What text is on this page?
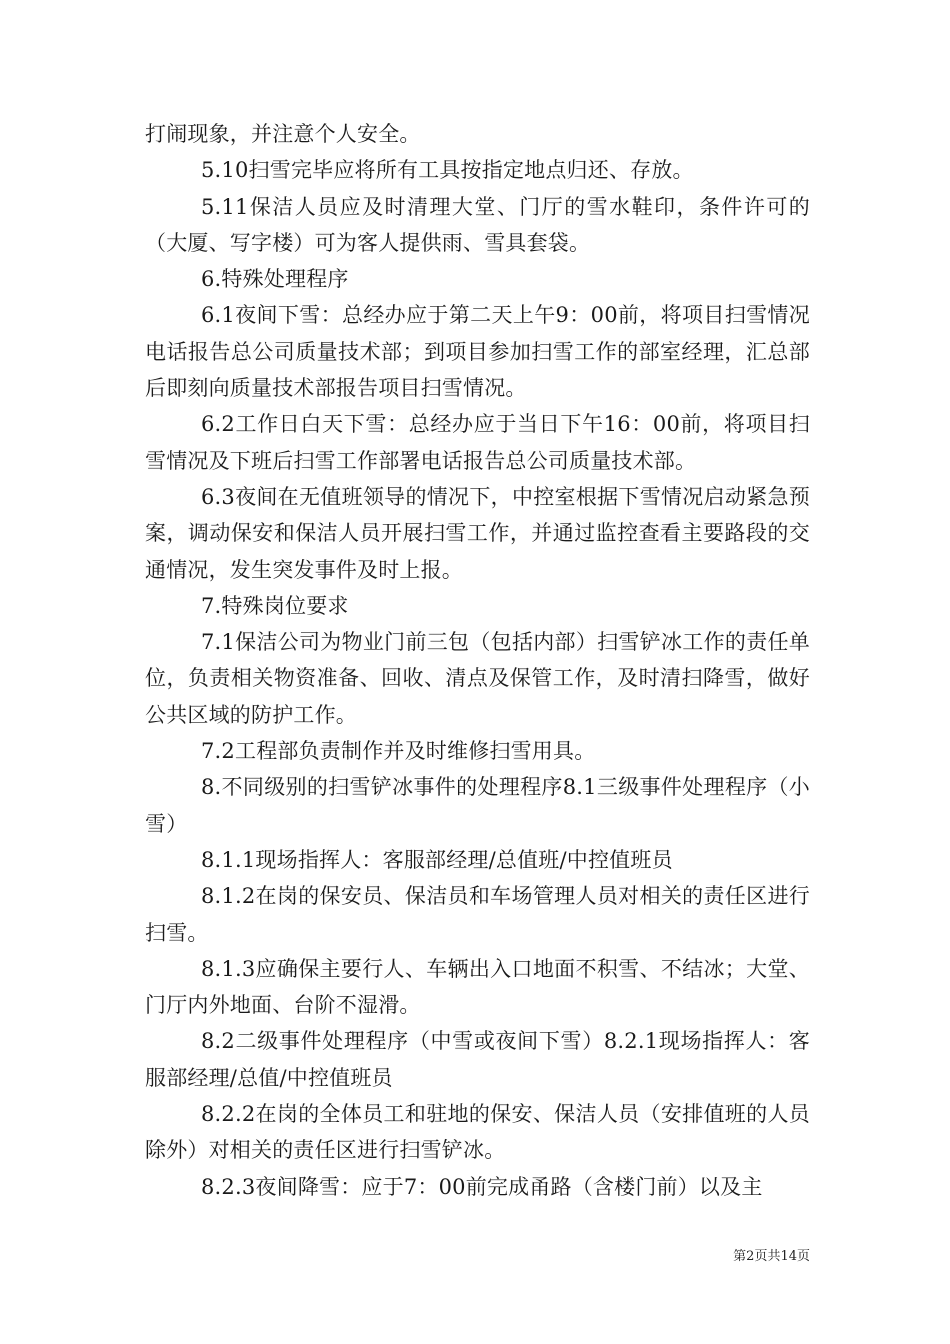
打闹现象，并注意个人安全。

5.10扫雪完毕应将所有工具按指定地点归还、存放。

5.11保洁人员应及时清理大堂、门厅的雪水鞋印，条件许可的（大厦、写字楼）可为客人提供雨、雪具套袋。

6.特殊处理程序

6.1夜间下雪：总经办应于第二天上午9：00前，将项目扫雪情况电话报告总公司质量技术部；到项目参加扫雪工作的部室经理，汇总部后即刻向质量技术部报告项目扫雪情况。

6.2工作日白天下雪：总经办应于当日下午16：00前，将项目扫雪情况及下班后扫雪工作部署电话报告总公司质量技术部。

6.3夜间在无值班领导的情况下，中控室根据下雪情况启动紧急预案，调动保安和保洁人员开展扫雪工作，并通过监控查看主要路段的交通情况，发生突发事件及时上报。

7.特殊岗位要求

7.1保洁公司为物业门前三包（包括内部）扫雪铲冰工作的责任单位，负责相关物资准备、回收、清点及保管工作，及时清扫降雪，做好公共区域的防护工作。

7.2工程部负责制作并及时维修扫雪用具。

8.不同级别的扫雪铲冰事件的处理程序8.1三级事件处理程序（小雪）

8.1.1现场指挥人：客服部经理/总值班/中控值班员

8.1.2在岗的保安员、保洁员和车场管理人员对相关的责任区进行扫雪。

8.1.3应确保主要行人、车辆出入口地面不积雪、不结冰；大堂、门厅内外地面、台阶不湿滑。

8.2二级事件处理程序（中雪或夜间下雪）8.2.1现场指挥人：客服部经理/总值/中控值班员

8.2.2在岗的全体员工和驻地的保安、保洁人员（安排值班的人员除外）对相关的责任区进行扫雪铲冰。

8.2.3夜间降雪：应于7：00前完成甬路（含楼门前）以及主

第2页共14页
